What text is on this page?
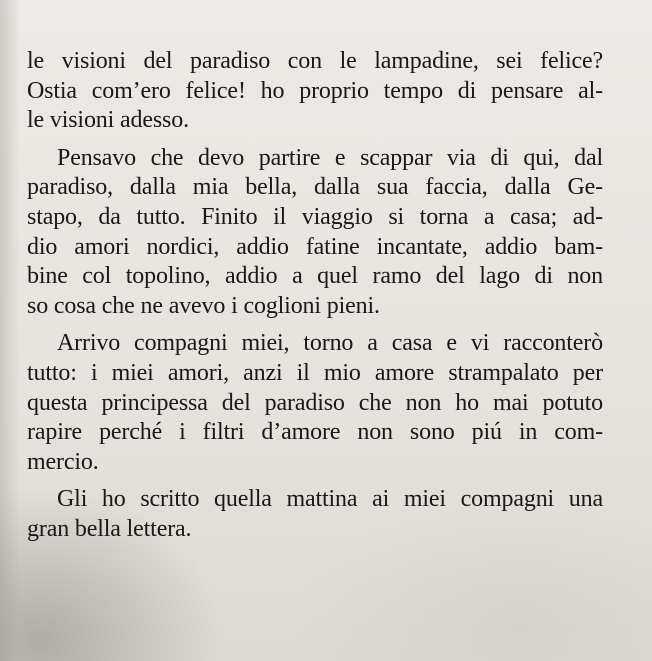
le visioni del paradiso con le lampadine, sei felice?
Ostia com’ero felice! ho proprio tempo di pensare al-
le visioni adesso.
Pensavo che devo partire e scappar via di qui, dal
paradiso, dalla mia bella, dalla sua faccia, dalla Ge-
stapo, da tutto. Finito il viaggio si torna a casa; ad-
dio amori nordici, addio fatine incantate, addio bam-
bine col topolino, addio a quel ramo del lago di non
so cosa che ne avevo i coglioni pieni.
Arrivo compagni miei, torno a casa e vi racconterò
tutto: i miei amori, anzi il mio amore strampalato per
questa principessa del paradiso che non ho mai potuto
rapire perché i filtri d’amore non sono piú in com-
mercio.
Gli ho scritto quella mattina ai miei compagni una
gran bella lettera.
